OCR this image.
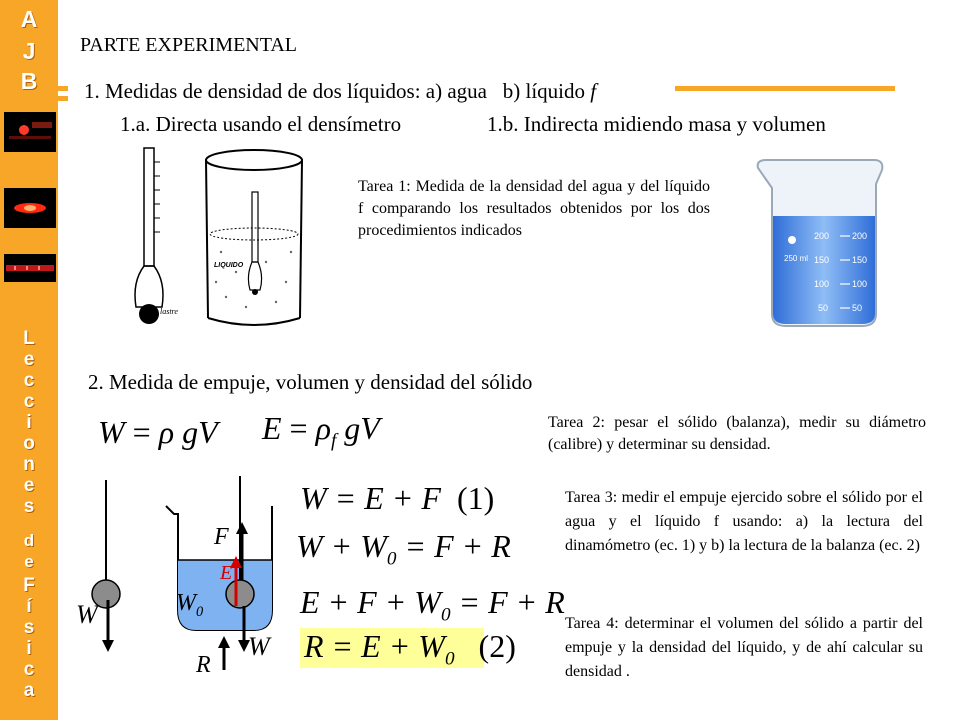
A
J
B
L
e
c
c
i
o
n
e
s
d
e
F
í
s
i
c
a
PARTE EXPERIMENTAL
1. Medidas de densidad de dos líquidos: a) agua b) líquido f
1.a. Directa usando el densímetro	1.b. Indirecta midiendo masa y volumen
lastre
LIQUIDO
Tarea 1: Medida de la densidad del agua y del líquido f comparando los resultados obtenidos por los dos procedimientos indicados
250 ml
200
150
100
50
200
150
100
50
2. Medida de empuje, volumen y densidad del sólido
W = ρ gV $E = \rho_f$ gV	Tarea 2: pesar el sólido (balanza), medir su diámetro (calibre) y determinar su densidad.
W
F
E
$W_0$
W
R
W = E + F (1)
$W + W_0 = F + R$
$E + F + W_0 = F + R$
$R = E + W_0$ (2)
Tarea 3: medir el empuje ejercido sobre el sólido por el agua y el líquido f usando: a) la lectura del dinamómetro (ec. 1) y b) la lectura de la balanza (ec. 2)
Tarea 4: determinar el volumen del sólido a partir del empuje y la densidad del líquido, y de ahí calcular su densidad .
